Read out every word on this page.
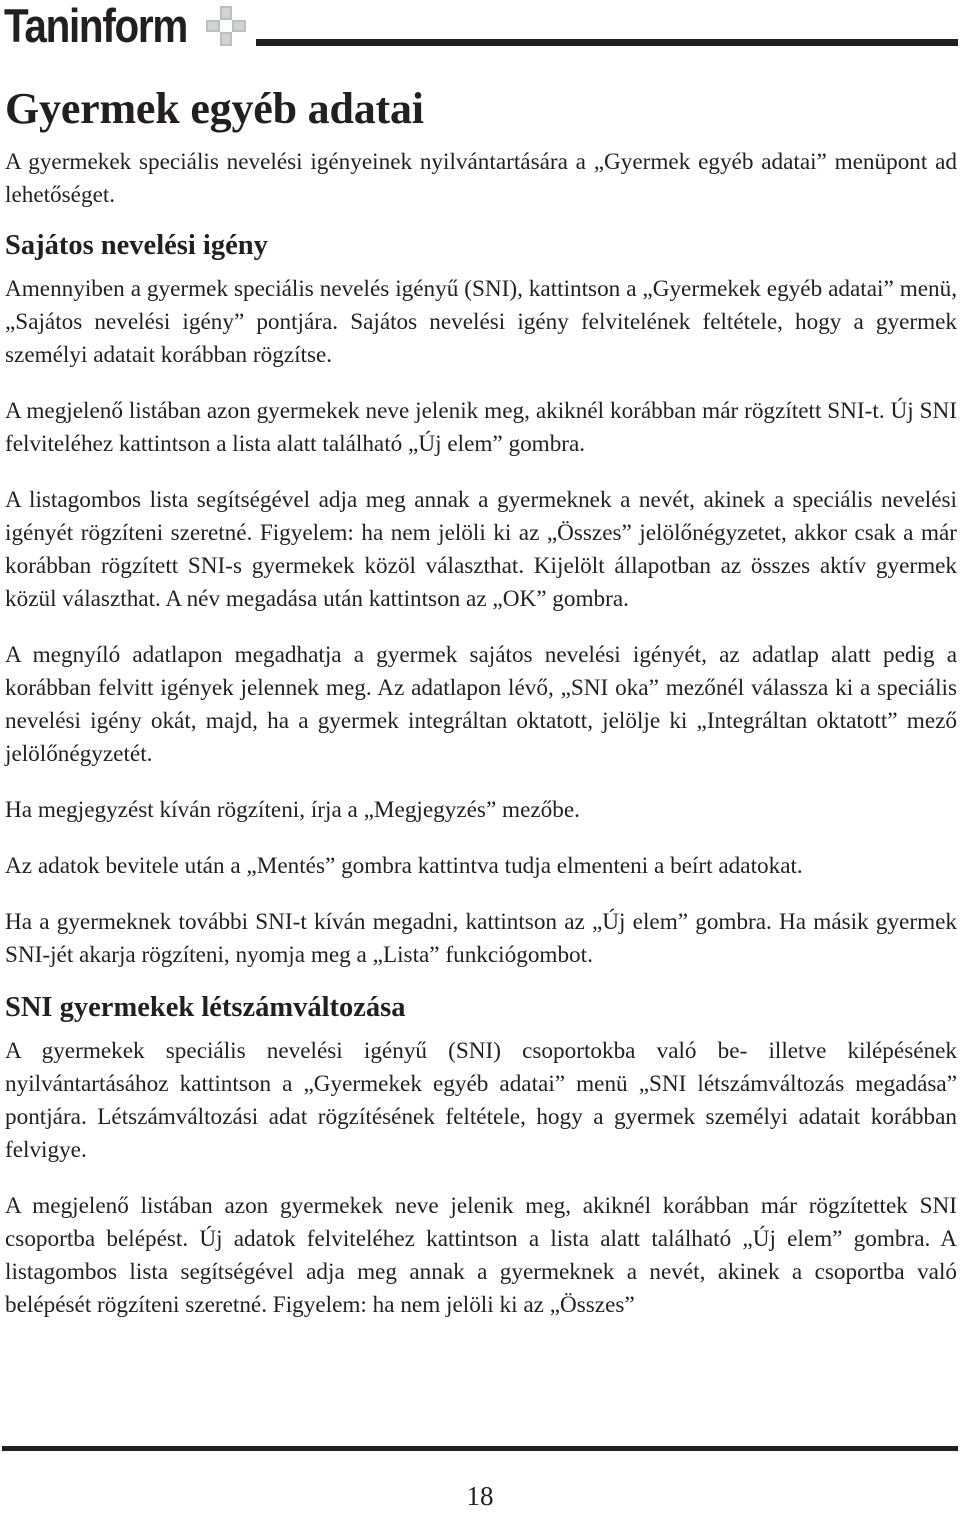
Taninform
Gyermek egyéb adatai

A gyermekek speciális nevelési igényeinek nyilvántartására a „Gyermek egyéb adatai” menüpont ad lehetőséget.

Sajátos nevelési igény

Amennyiben a gyermek speciális nevelés igényű (SNI), kattintson a „Gyermekek egyéb adatai” menü, „Sajátos nevelési igény” pontjára. Sajátos nevelési igény felvitelének feltétele, hogy a gyermek személyi adatait korábban rögzítse.

A megjelenő listában azon gyermekek neve jelenik meg, akiknél korábban már rögzített SNI-t. Új SNI felviteléhez kattintson a lista alatt található „Új elem” gombra.

A listagombos lista segítségével adja meg annak a gyermeknek a nevét, akinek a speciális nevelési igényét rögzíteni szeretné. Figyelem: ha nem jelöli ki az „Összes” jelölőnégyzetet, akkor csak a már korábban rögzített SNI-s gyermekek közöl választhat. Kijelölt állapotban az összes aktív gyermek közül választhat. A név megadása után kattintson az „OK” gombra.

A megnyíló adatlapon megadhatja a gyermek sajátos nevelési igényét, az adatlap alatt pedig a korábban felvitt igények jelennek meg. Az adatlapon lévő, „SNI oka” mezőnél válassza ki a speciális nevelési igény okát, majd, ha a gyermek integráltan oktatott, jelölje ki „Integráltan oktatott” mező jelölőnégyzetét.

Ha megjegyzést kíván rögzíteni, írja a „Megjegyzés” mezőbe.

Az adatok bevitele után a „Mentés” gombra kattintva tudja elmenteni a beírt adatokat.

Ha a gyermeknek további SNI-t kíván megadni, kattintson az „Új elem” gombra. Ha másik gyermek SNI-jét akarja rögzíteni, nyomja meg a „Lista” funkciógombot.

SNI gyermekek létszámváltozása

A gyermekek speciális nevelési igényű (SNI) csoportokba való be- illetve kilépésének nyilvántartásához kattintson a „Gyermekek egyéb adatai” menü „SNI létszámváltozás megadása” pontjára. Létszámváltozási adat rögzítésének feltétele, hogy a gyermek személyi adatait korábban felvigye.

A megjelenő listában azon gyermekek neve jelenik meg, akiknél korábban már rögzítettek SNI csoportba belépést. Új adatok felviteléhez kattintson a lista alatt található „Új elem” gombra. A listagombos lista segítségével adja meg annak a gyermeknek a nevét, akinek a csoportba való belépését rögzíteni szeretné. Figyelem: ha nem jelöli ki az „Összes”

18
